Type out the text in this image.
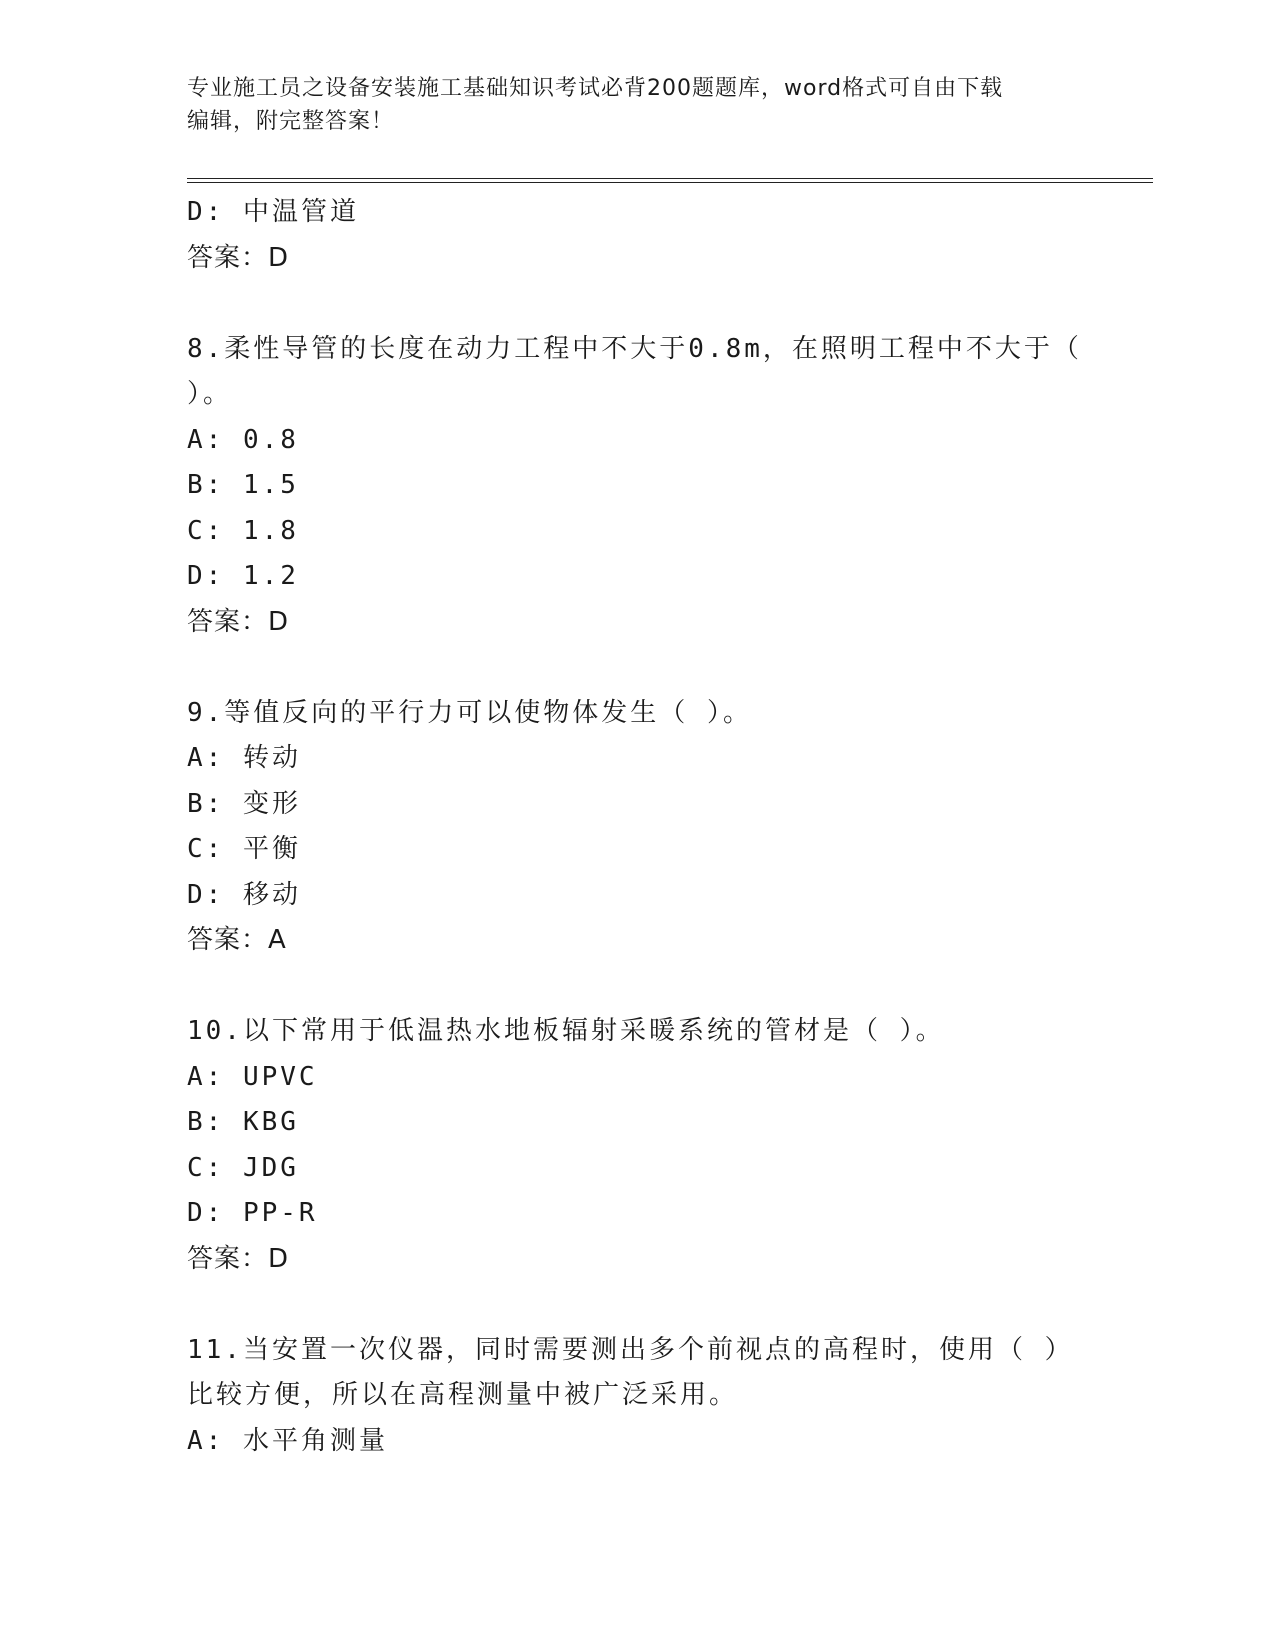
专业施工员之设备安装施工基础知识考试必背200题题库，word格式可自由下载
编辑，附完整答案！
D: 中温管道
答案：D
8.柔性导管的长度在动力工程中不大于0.8m，在照明工程中不大于（
）。
A: 0.8
B: 1.5
C: 1.8
D: 1.2
答案：D
9.等值反向的平行力可以使物体发生（ ）。
A: 转动
B: 变形
C: 平衡
D: 移动
答案：A
10.以下常用于低温热水地板辐射采暖系统的管材是（ ）。
A: UPVC
B: KBG
C: JDG
D: PP-R
答案：D
11.当安置一次仪器，同时需要测出多个前视点的高程时，使用（ ）
比较方便，所以在高程测量中被广泛采用。
A: 水平角测量
